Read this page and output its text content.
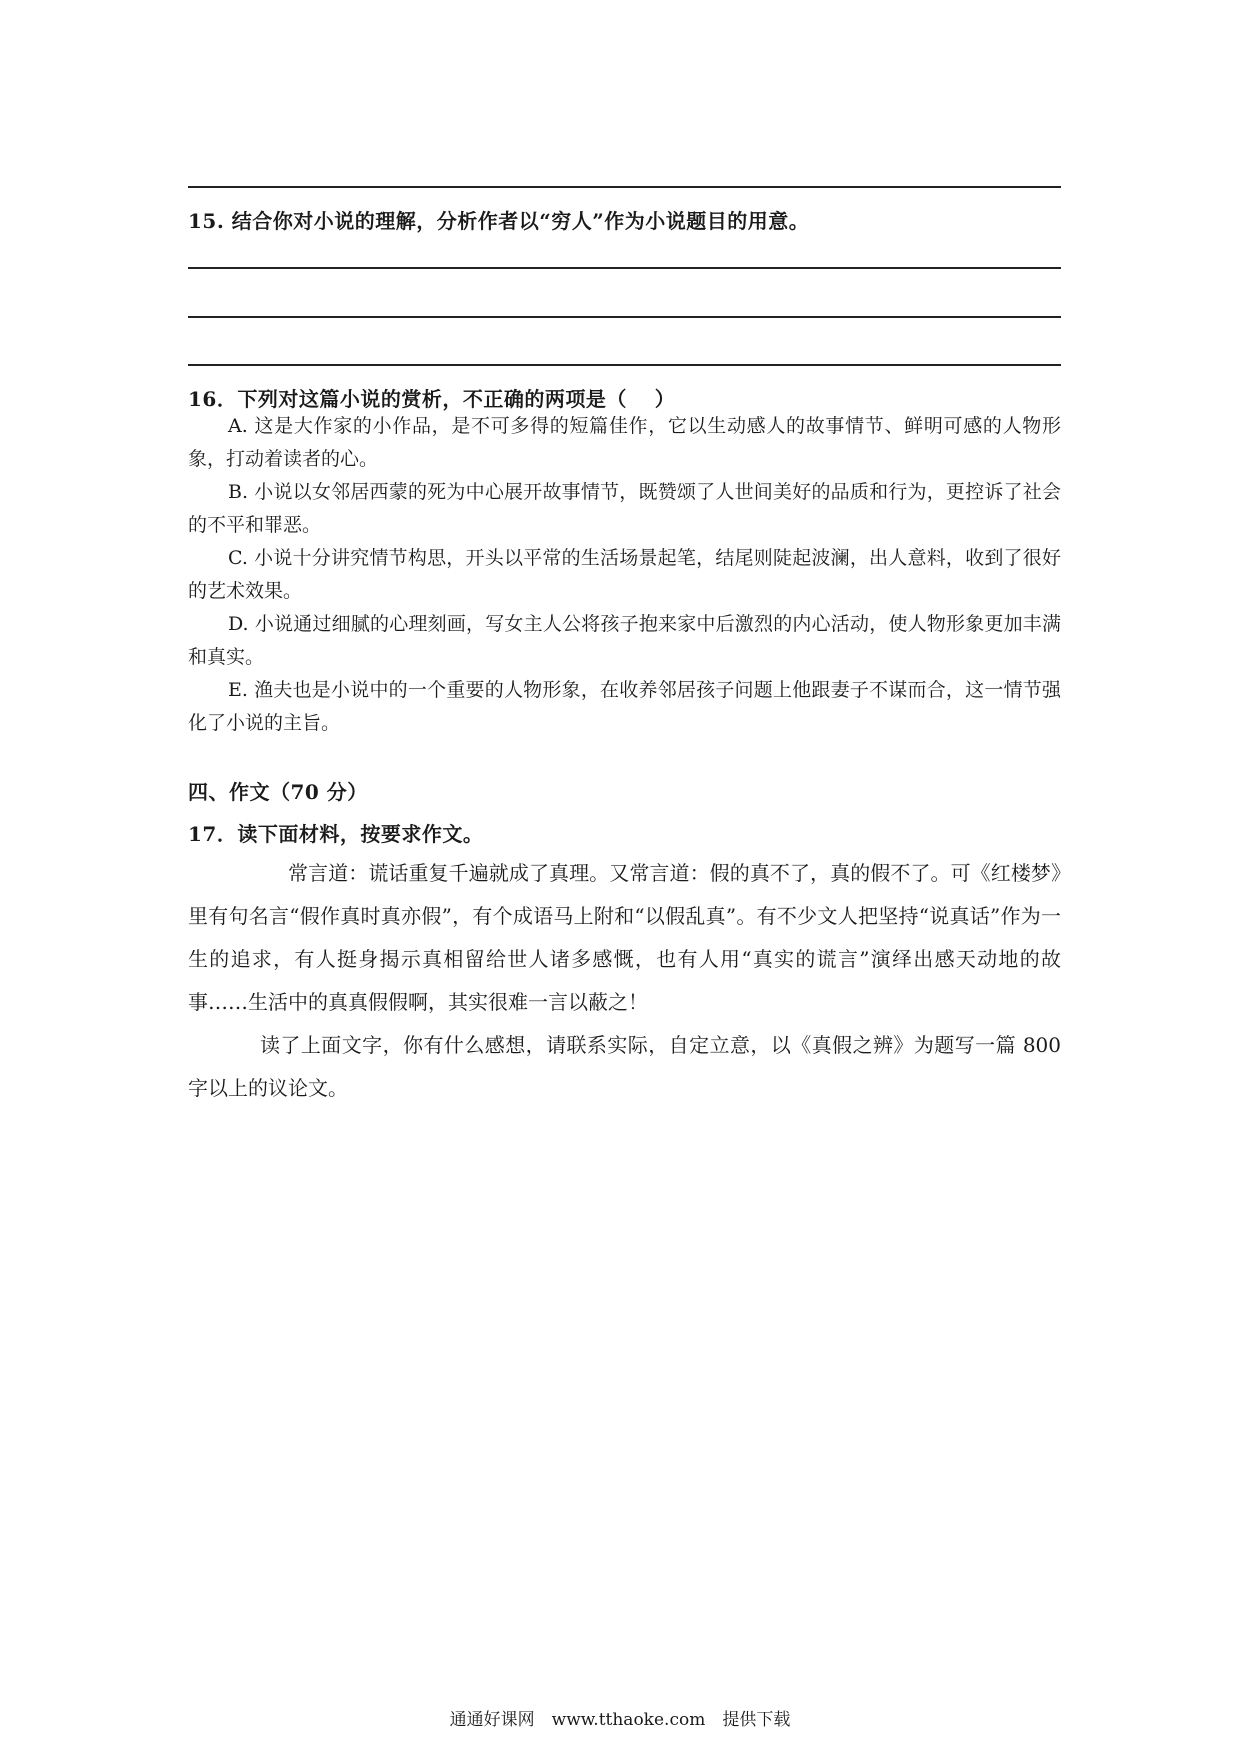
15. 结合你对小说的理解，分析作者以“穷人”作为小说题目的用意。
16．下列对这篇小说的赏析，不正确的两项是（　 ）
A. 这是大作家的小作品，是不可多得的短篇佳作，它以生动感人的故事情节、鲜明可感的人物形象，打动着读者的心。
B. 小说以女邻居西蒙的死为中心展开故事情节，既赞颂了人世间美好的品质和行为，更控诉了社会的不平和罪恶。
C. 小说十分讲究情节构思，开头以平常的生活场景起笔，结尾则陡起波澜，出人意料，收到了很好的艺术效果。
D. 小说通过细腻的心理刻画，写女主人公将孩子抱来家中后激烈的内心活动，使人物形象更加丰满和真实。
E. 渔夫也是小说中的一个重要的人物形象，在收养邻居孩子问题上他跟妻子不谋而合，这一情节强化了小说的主旨。
四、作文（70 分）
17．读下面材料，按要求作文。
常言道：谎话重复千遍就成了真理。又常言道：假的真不了，真的假不了。可《红楼梦》里有句名言“假作真时真亦假”，有个成语马上附和“以假乱真”。有不少文人把坚持“说真话”作为一生的追求，有人挺身揭示真相留给世人诸多感慨，也有人用“真实的谎言”演绎出感天动地的故事……生活中的真真假假啊，其实很难一言以蔽之！
读了上面文字，你有什么感想，请联系实际，自定立意，以《真假之辨》为题写一篇 800 字以上的议论文。
通通好课网　www.tthaoke.com　提供下载
